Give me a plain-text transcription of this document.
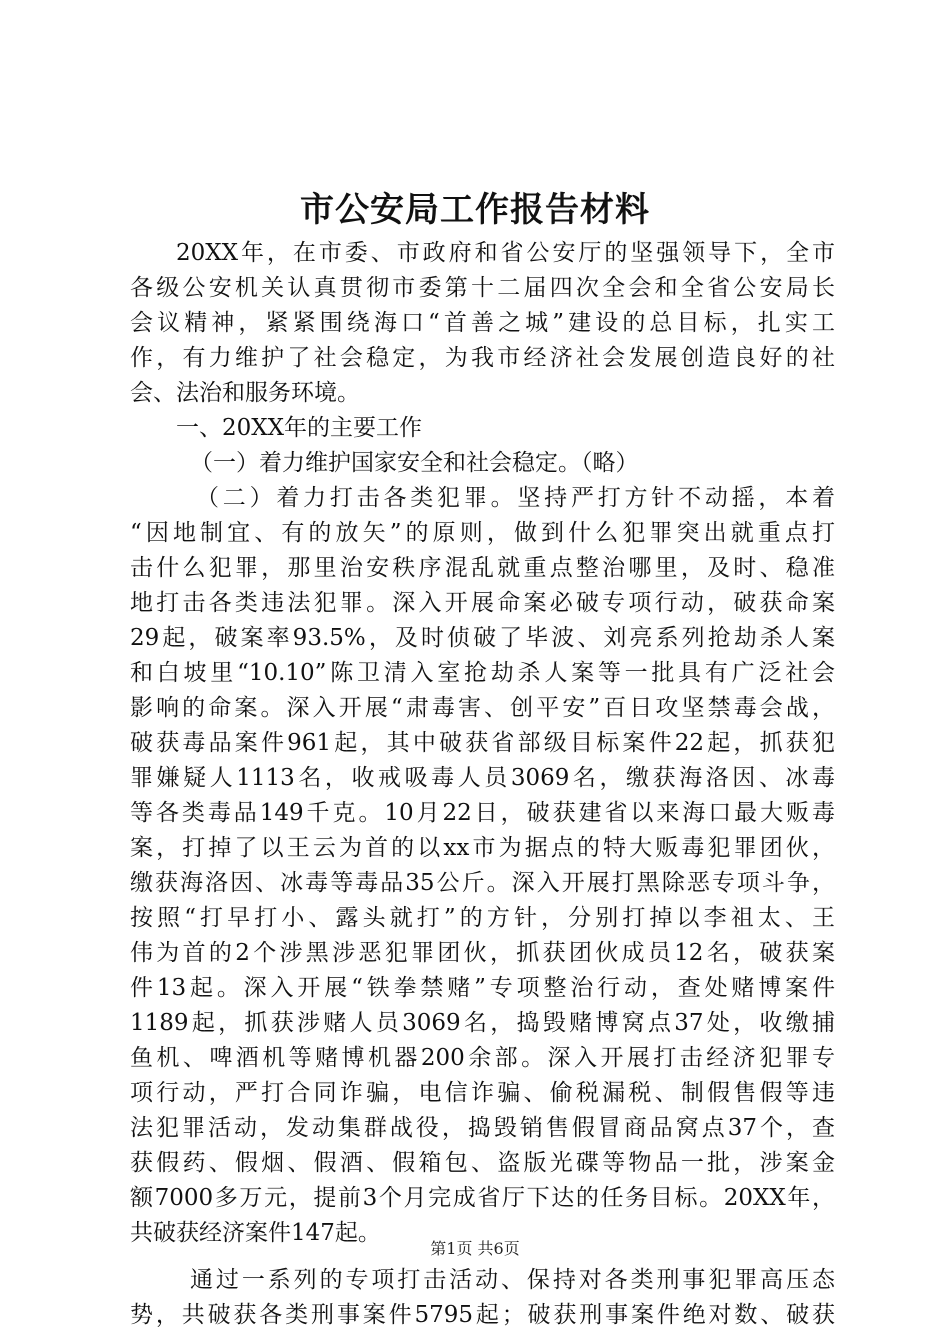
市公安局工作报告材料
20XX年，在市委、市政府和省公安厅的坚强领导下，全市
各级公安机关认真贯彻市委第十二届四次全会和全省公安局长
会议精神，紧紧围绕海口“首善之城”建设的总目标，扎实工
作，有力维护了社会稳定，为我市经济社会发展创造良好的社
会、法治和服务环境。
一、20XX年的主要工作
（一）着力维护国家安全和社会稳定。（略）
（二）着力打击各类犯罪。坚持严打方针不动摇，本着
“因地制宜、有的放矢”的原则，做到什么犯罪突出就重点打
击什么犯罪，那里治安秩序混乱就重点整治哪里，及时、稳准
地打击各类违法犯罪。深入开展命案必破专项行动，破获命案
29起，破案率93.5%，及时侦破了毕波、刘亮系列抢劫杀人案
和白坡里“10.10”陈卫清入室抢劫杀人案等一批具有广泛社会
影响的命案。深入开展“肃毒害、创平安”百日攻坚禁毒会战，
破获毒品案件961起，其中破获省部级目标案件22起，抓获犯
罪嫌疑人1113名，收戒吸毒人员3069名，缴获海洛因、冰毒
等各类毒品149千克。10月22日，破获建省以来海口最大贩毒
案，打掉了以王云为首的以xx市为据点的特大贩毒犯罪团伙，
缴获海洛因、冰毒等毒品35公斤。深入开展打黑除恶专项斗争，
按照“打早打小、露头就打”的方针，分别打掉以李祖太、王
伟为首的2个涉黑涉恶犯罪团伙，抓获团伙成员12名，破获案
件13起。深入开展“铁拳禁赌”专项整治行动，查处赌博案件
1189起，抓获涉赌人员3069名，捣毁赌博窝点37处，收缴捕
鱼机、啤酒机等赌博机器200余部。深入开展打击经济犯罪专
项行动，严打合同诈骗，电信诈骗、偷税漏税、制假售假等违
法犯罪活动，发动集群战役，捣毁销售假冒商品窝点37个，查
获假药、假烟、假酒、假箱包、盗版光碟等物品一批，涉案金
额7000多万元，提前3个月完成省厅下达的任务目标。20XX年，
共破获经济案件147起。
通过一系列的专项打击活动、保持对各类刑事犯罪高压态
势，共破获各类刑事案件5795起；破获刑事案件绝对数、破获
第1页 共6页
